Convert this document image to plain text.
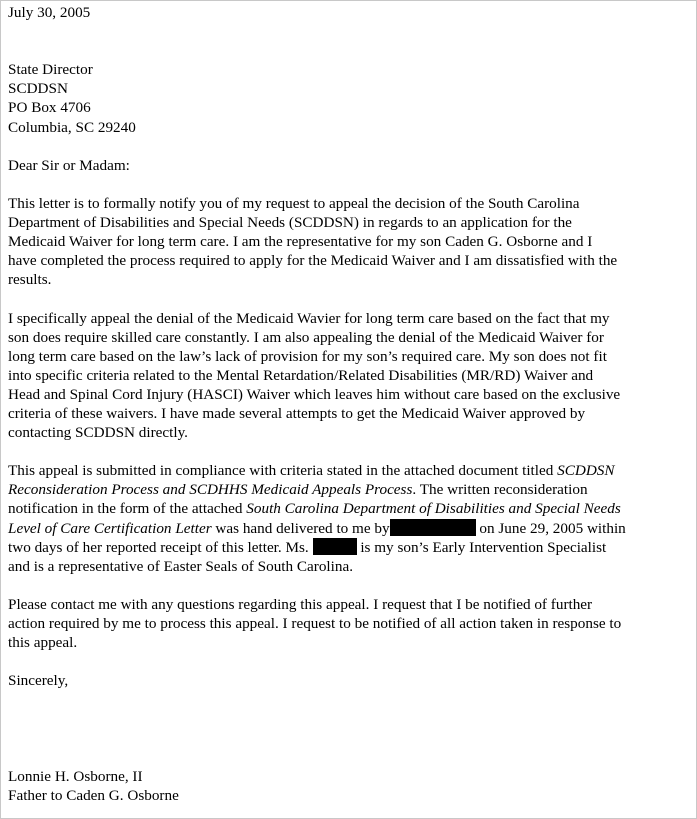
July 30, 2005
State Director
SCDDSN
PO Box 4706
Columbia, SC 29240
Dear Sir or Madam:
This letter is to formally notify you of my request to appeal the decision of the South Carolina
Department of Disabilities and Special Needs (SCDDSN) in regards to an application for the
Medicaid Waiver for long term care. I am the representative for my son Caden G. Osborne and I
have completed the process required to apply for the Medicaid Waiver and I am dissatisfied with the
results.
I specifically appeal the denial of the Medicaid Wavier for long term care based on the fact that my
son does require skilled care constantly. I am also appealing the denial of the Medicaid Waiver for
long term care based on the law’s lack of provision for my son’s required care. My son does not fit
into specific criteria related to the Mental Retardation/Related Disabilities (MR/RD) Waiver and
Head and Spinal Cord Injury (HASCI) Waiver which leaves him without care based on the exclusive
criteria of these waivers. I have made several attempts to get the Medicaid Waiver approved by
contacting SCDDSN directly.
This appeal is submitted in compliance with criteria stated in the attached document titled SCDDSN
Reconsideration Process and SCDHHS Medicaid Appeals Process. The written reconsideration
notification in the form of the attached South Carolina Department of Disabilities and Special Needs
Level of Care Certification Letter was hand delivered to me by	on June 29, 2005 within
two days of her reported receipt of this letter. Ms.	is my son’s Early Intervention Specialist
and is a representative of Easter Seals of South Carolina.
Please contact me with any questions regarding this appeal. I request that I be notified of further
action required by me to process this appeal. I request to be notified of all action taken in response to
this appeal.
Sincerely,
Lonnie H. Osborne, II
Father to Caden G. Osborne
